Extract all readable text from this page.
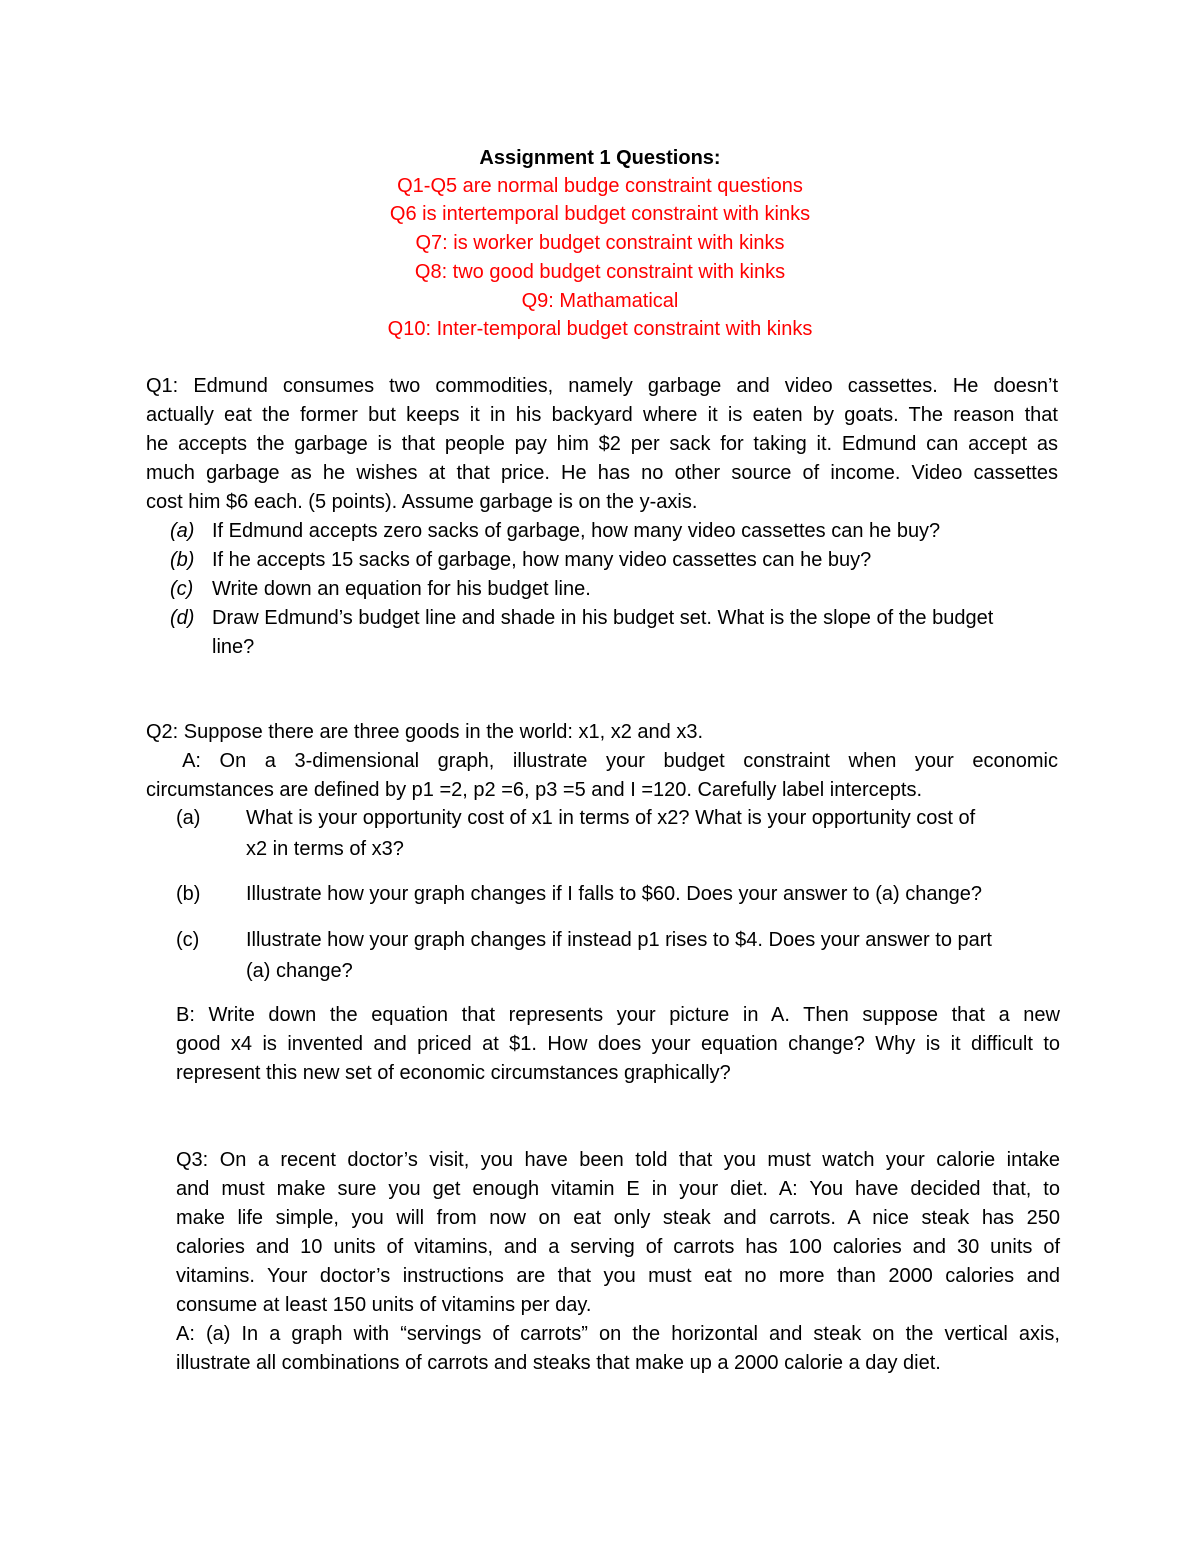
Assignment 1 Questions:
Q1-Q5 are normal budge constraint questions
Q6 is intertemporal budget constraint with kinks
Q7: is worker budget constraint with kinks
Q8: two good budget constraint with kinks
Q9: Mathamatical
Q10: Inter-temporal budget constraint with kinks
Q1: Edmund consumes two commodities, namely garbage and video cassettes. He doesn’t
actually eat the former but keeps it in his backyard where it is eaten by goats. The reason that
he accepts the garbage is that people pay him $2 per sack for taking it. Edmund can accept as
much garbage as he wishes at that price. He has no other source of income. Video cassettes
cost him $6 each. (5 points). Assume garbage is on the y-axis.
(a) If Edmund accepts zero sacks of garbage, how many video cassettes can he buy?
(b) If he accepts 15 sacks of garbage, how many video cassettes can he buy?
(c) Write down an equation for his budget line.
(d) Draw Edmund’s budget line and shade in his budget set. What is the slope of the budget
line?
Q2: Suppose there are three goods in the world: x1, x2 and x3.
A: On a 3-dimensional graph, illustrate your budget constraint when your economic
circumstances are defined by p1 =2, p2 =6, p3 =5 and I =120. Carefully label intercepts.
(a) What is your opportunity cost of x1 in terms of x2? What is your opportunity cost of
x2 in terms of x3?
(b) Illustrate how your graph changes if I falls to $60. Does your answer to (a) change?
(c) Illustrate how your graph changes if instead p1 rises to $4. Does your answer to part
(a) change?
B: Write down the equation that represents your picture in A. Then suppose that a new
good x4 is invented and priced at $1. How does your equation change? Why is it difficult to
represent this new set of economic circumstances graphically?
Q3: On a recent doctor’s visit, you have been told that you must watch your calorie intake
and must make sure you get enough vitamin E in your diet. A: You have decided that, to
make life simple, you will from now on eat only steak and carrots. A nice steak has 250
calories and 10 units of vitamins, and a serving of carrots has 100 calories and 30 units of
vitamins. Your doctor’s instructions are that you must eat no more than 2000 calories and
consume at least 150 units of vitamins per day.
A: (a) In a graph with “servings of carrots” on the horizontal and steak on the vertical axis,
illustrate all combinations of carrots and steaks that make up a 2000 calorie a day diet.
